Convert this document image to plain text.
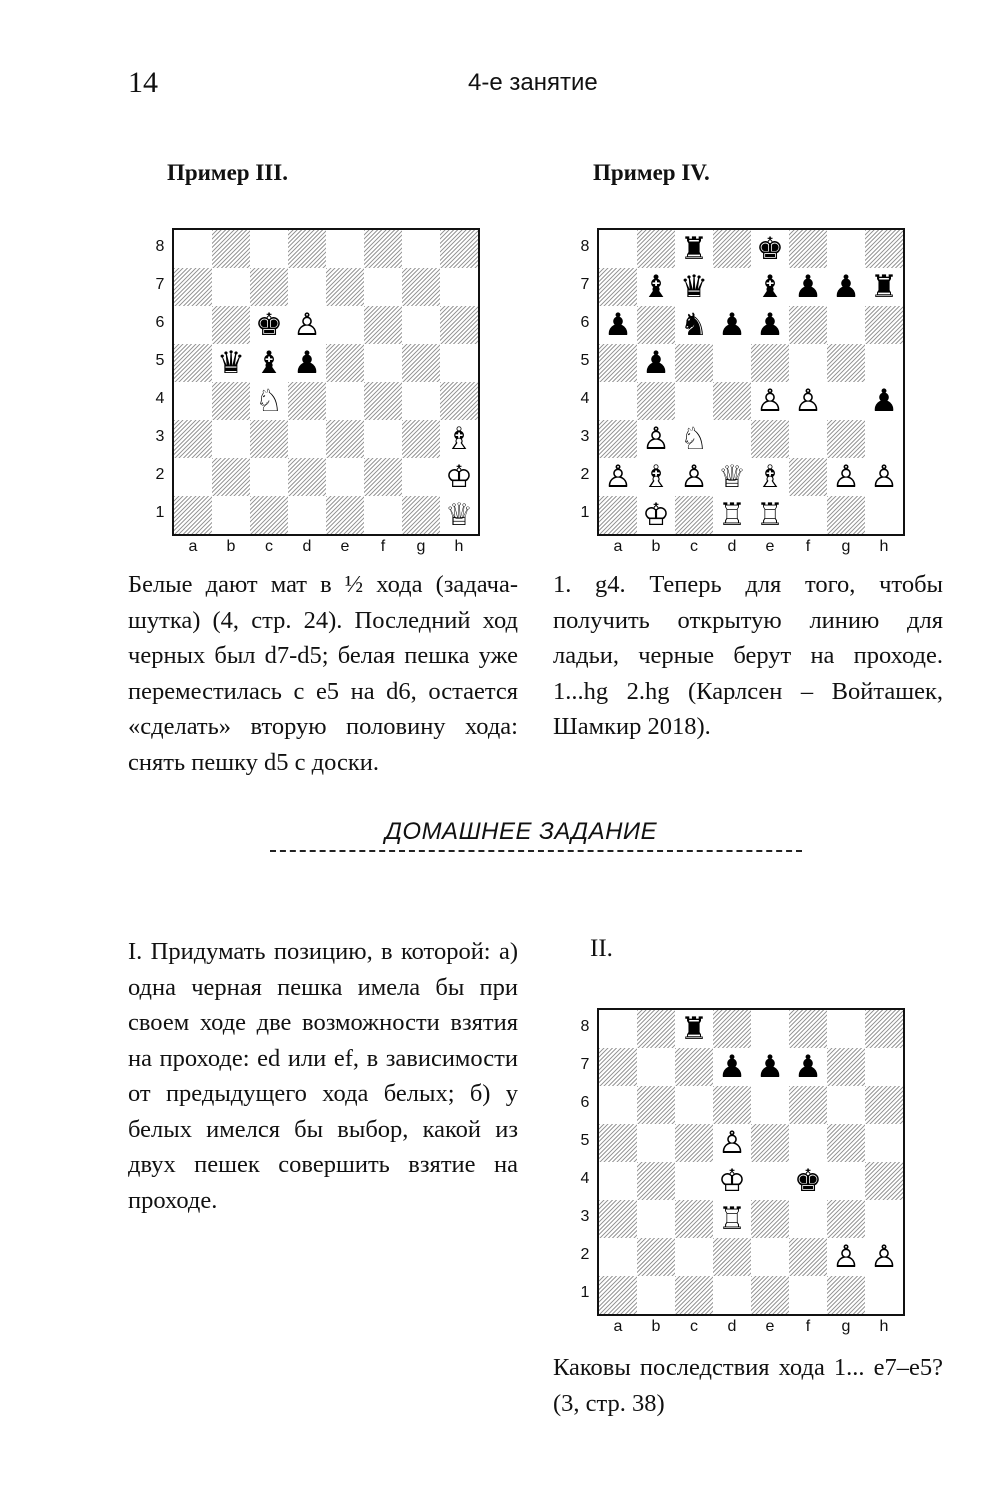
14	4-е занятие
Пример III.
♚ ♙
♛ ♝ ♟
♘
♗
♔
♕
8
7
6
5
4
3
2
1
a	b	c	d	e	f	g	h
Белые дают мат в ½ хода (задача-шутка) (4, стр. 24). Последний ход черных был d7-d5; белая пешка уже переместилась с e5 на d6, остается «сделать» вторую половину хода: снять пешку d5 с доски.
Пример IV.
♜ ♚
♝ ♛ ♝ ♟ ♟ ♜
♟ ♞ ♟ ♟
♟
♙ ♙ ♟
♙ ♘
♙ ♗ ♙ ♕ ♗ ♙ ♙
♔ ♖ ♖
8
7
6
5
4
3
2
1
a	b	c	d	e	f	g	h
1. g4. Теперь для того, чтобы получить открытую линию для ладьи, черные берут на проходе. 1...hg 2.hg (Карлсен – Войташек, Шамкир 2018).
ДОМАШНЕЕ ЗАДАНИЕ
I. Придумать позицию, в которой: а) одна черная пешка имела бы при своем ходе две возможности взятия на проходе: ed или ef, в зависимости от предыдущего хода белых; б) у белых имелся бы выбор, какой из двух пешек совершить взятие на проходе.
II.
♜
♟ ♟ ♟
♙
♔ ♚
♖
♙ ♙
8
7
6
5
4
3
2
1
a	b	c	d	e	f	g	h
Каковы последствия хода 1... e7–e5? (3, стр. 38)
